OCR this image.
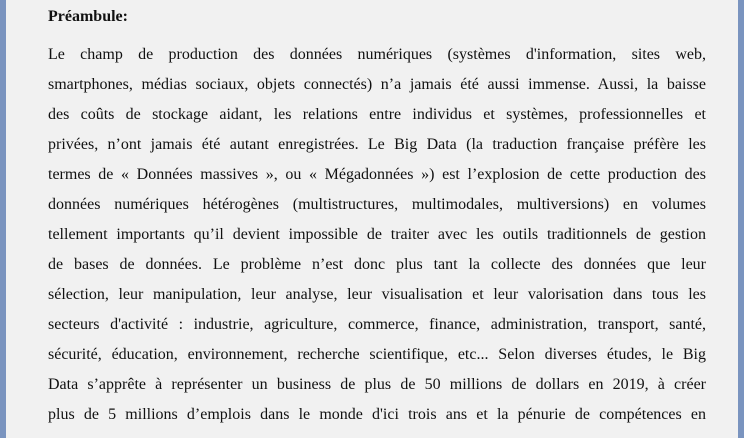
Préambule:
Le champ de production des données numériques (systèmes d'information, sites web,
smartphones, médias sociaux, objets connectés) n’a jamais été aussi immense. Aussi, la baisse
des coûts de stockage aidant, les relations entre individus et systèmes, professionnelles et
privées, n’ont jamais été autant enregistrées. Le Big Data (la traduction française préfère les
termes de « Données massives », ou « Mégadonnées ») est l’explosion de cette production des
données numériques hétérogènes (multistructures, multimodales, multiversions) en volumes
tellement importants qu’il devient impossible de traiter avec les outils traditionnels de gestion
de bases de données. Le problème n’est donc plus tant la collecte des données que leur
sélection, leur manipulation, leur analyse, leur visualisation et leur valorisation dans tous les
secteurs d'activité : industrie, agriculture, commerce, finance, administration, transport, santé,
sécurité, éducation, environnement, recherche scientifique, etc... Selon diverses études, le Big
Data s’apprête à représenter un business de plus de 50 millions de dollars en 2019, à créer
plus de 5 millions d’emplois dans le monde d'ici trois ans et la pénurie de compétences en
